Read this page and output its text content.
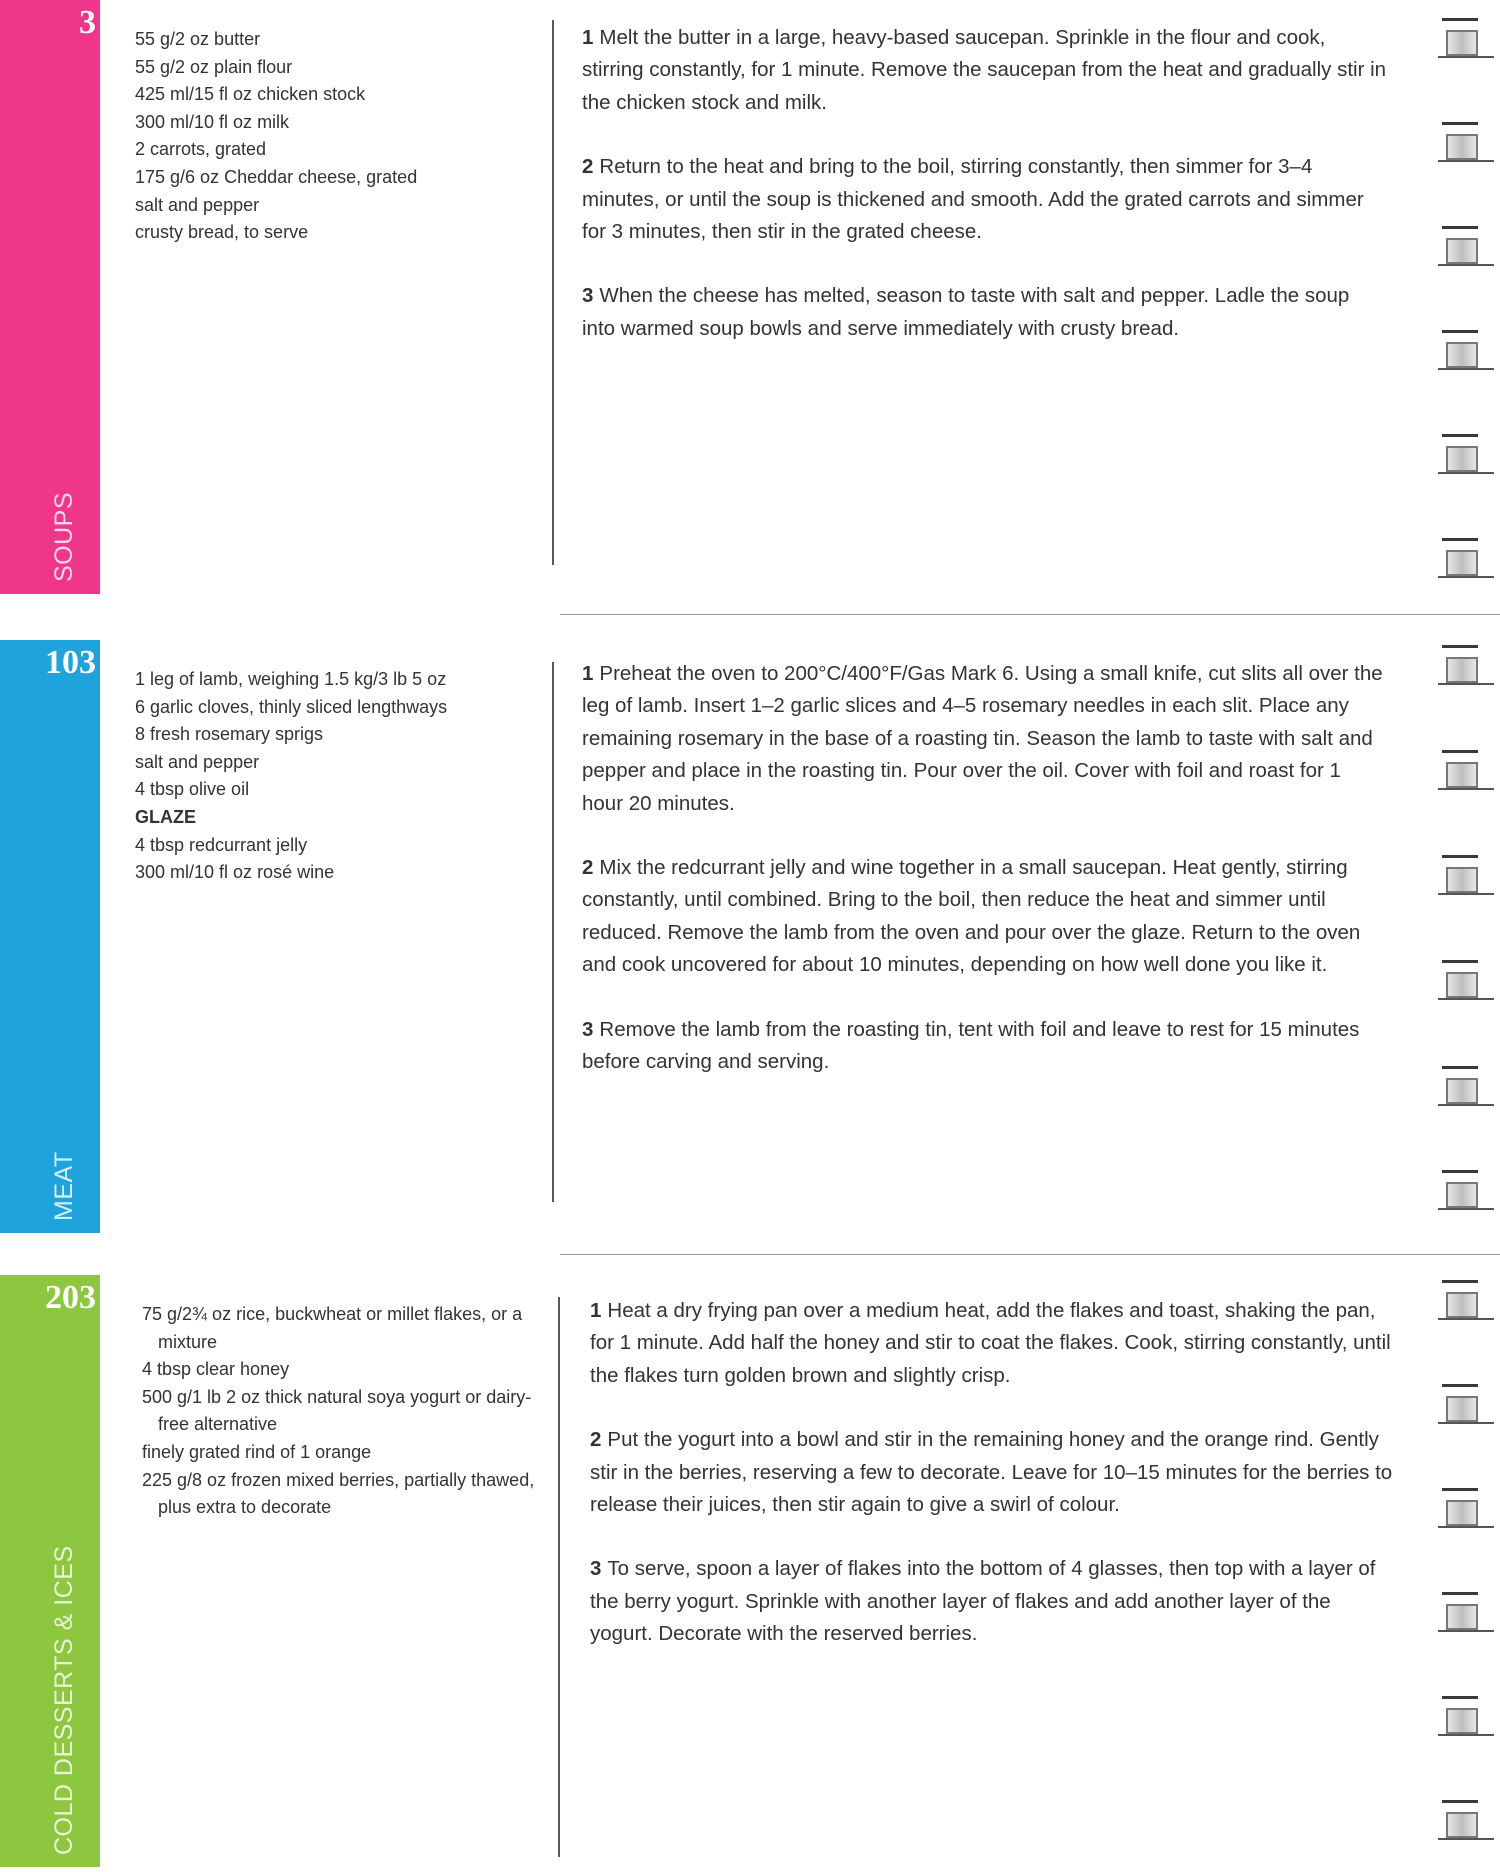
3
SOUPS
55 g/2 oz butter
55 g/2 oz plain flour
425 ml/15 fl oz chicken stock
300 ml/10 fl oz milk
2 carrots, grated
175 g/6 oz Cheddar cheese, grated
salt and pepper
crusty bread, to serve
1 Melt the butter in a large, heavy-based saucepan. Sprinkle in the flour and cook, stirring constantly, for 1 minute. Remove the saucepan from the heat and gradually stir in the chicken stock and milk.
2 Return to the heat and bring to the boil, stirring constantly, then simmer for 3–4 minutes, or until the soup is thickened and smooth. Add the grated carrots and simmer for 3 minutes, then stir in the grated cheese.
3 When the cheese has melted, season to taste with salt and pepper. Ladle the soup into warmed soup bowls and serve immediately with crusty bread.
103
MEAT
1 leg of lamb, weighing 1.5 kg/3 lb 5 oz
6 garlic cloves, thinly sliced lengthways
8 fresh rosemary sprigs
salt and pepper
4 tbsp olive oil
GLAZE
4 tbsp redcurrant jelly
300 ml/10 fl oz rosé wine
1 Preheat the oven to 200°C/400°F/Gas Mark 6. Using a small knife, cut slits all over the leg of lamb. Insert 1–2 garlic slices and 4–5 rosemary needles in each slit. Place any remaining rosemary in the base of a roasting tin. Season the lamb to taste with salt and pepper and place in the roasting tin. Pour over the oil. Cover with foil and roast for 1 hour 20 minutes.
2 Mix the redcurrant jelly and wine together in a small saucepan. Heat gently, stirring constantly, until combined. Bring to the boil, then reduce the heat and simmer until reduced. Remove the lamb from the oven and pour over the glaze. Return to the oven and cook uncovered for about 10 minutes, depending on how well done you like it.
3 Remove the lamb from the roasting tin, tent with foil and leave to rest for 15 minutes before carving and serving.
203
COLD DESSERTS & ICES
75 g/2¾ oz rice, buckwheat or millet flakes, or a mixture
4 tbsp clear honey
500 g/1 lb 2 oz thick natural soya yogurt or dairy-free alternative
finely grated rind of 1 orange
225 g/8 oz frozen mixed berries, partially thawed, plus extra to decorate
1 Heat a dry frying pan over a medium heat, add the flakes and toast, shaking the pan, for 1 minute. Add half the honey and stir to coat the flakes. Cook, stirring constantly, until the flakes turn golden brown and slightly crisp.
2 Put the yogurt into a bowl and stir in the remaining honey and the orange rind. Gently stir in the berries, reserving a few to decorate. Leave for 10–15 minutes for the berries to release their juices, then stir again to give a swirl of colour.
3 To serve, spoon a layer of flakes into the bottom of 4 glasses, then top with a layer of the berry yogurt. Sprinkle with another layer of flakes and add another layer of the yogurt. Decorate with the reserved berries.
